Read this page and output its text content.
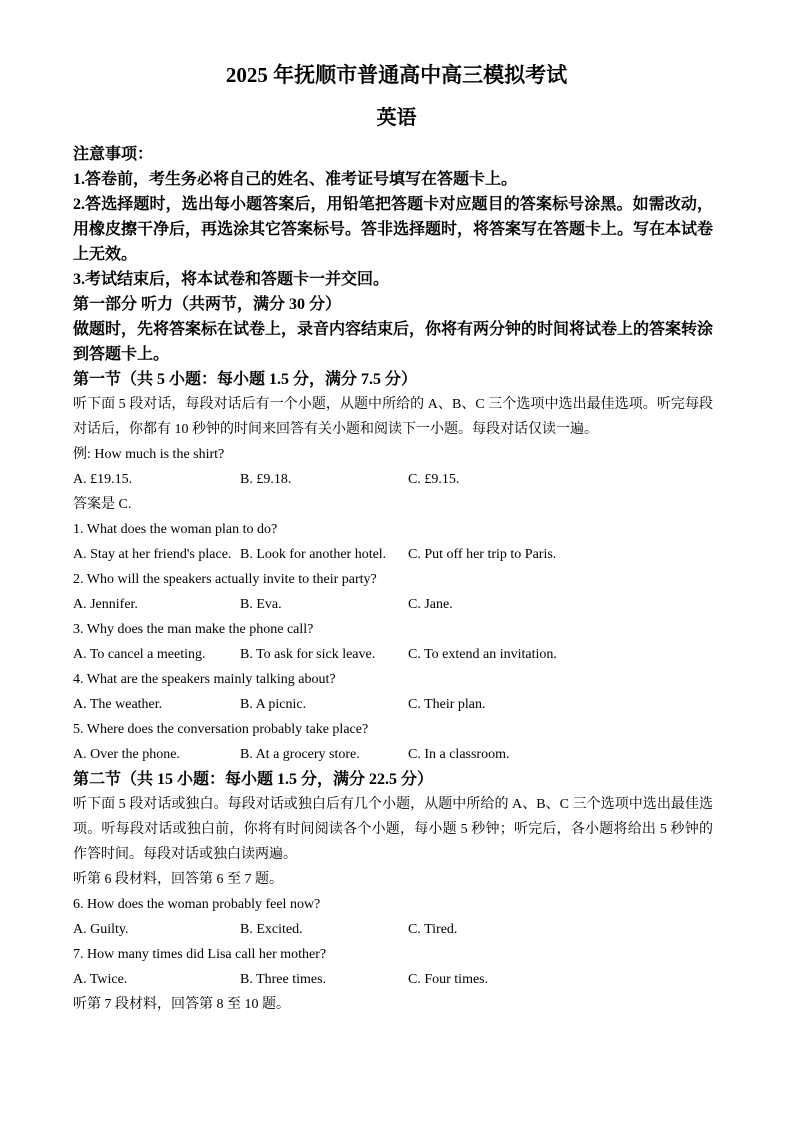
2025 年抚顺市普通高中高三模拟考试
英语

注意事项：

1.答卷前，考生务必将自己的姓名、准考证号填写在答题卡上。

2.答选择题时，选出每小题答案后，用铅笔把答题卡对应题目的答案标号涂黑。如需改动，用橡皮擦干净后，再选涂其它答案标号。答非选择题时，将答案写在答题卡上。写在本试卷上无效。

3.考试结束后，将本试卷和答题卡一并交回。

第一部分 听力（共两节，满分 30 分）

做题时，先将答案标在试卷上，录音内容结束后，你将有两分钟的时间将试卷上的答案转涂到答题卡上。

第一节（共 5 小题：每小题 1.5 分，满分 7.5 分）

听下面 5 段对话，每段对话后有一个小题，从题中所给的 A、B、C 三个选项中选出最佳选项。听完每段对话后，你都有 10 秒钟的时间来回答有关小题和阅读下一小题。每段对话仅读一遍。

例: How much is the shirt?

A. £19.15.	B. £9.18.	C. £9.15.

答案是 C.

1. What does the woman plan to do?

A. Stay at her friend's place. B. Look for another hotel.	C. Put off her trip to Paris.

2. Who will the speakers actually invite to their party?

A. Jennifer.	B. Eva.	C. Jane.

3. Why does the man make the phone call?

A. To cancel a meeting.	B. To ask for sick leave.	C. To extend an invitation.

4. What are the speakers mainly talking about?

A. The weather.	B. A picnic.	C. Their plan.

5. Where does the conversation probably take place?

A. Over the phone.	B. At a grocery store.	C. In a classroom.

第二节（共 15 小题：每小题 1.5 分，满分 22.5 分）

听下面 5 段对话或独白。每段对话或独白后有几个小题，从题中所给的 A、B、C 三个选项中选出最佳选项。听每段对话或独白前，你将有时间阅读各个小题，每小题 5 秒钟；听完后，各小题将给出 5 秒钟的作答时间。每段对话或独白读两遍。

听第 6 段材料，回答第 6 至 7 题。

6. How does the woman probably feel now?

A. Guilty.	B. Excited.	C. Tired.

7. How many times did Lisa call her mother?

A. Twice.	B. Three times.	C. Four times.

听第 7 段材料，回答第 8 至 10 题。
